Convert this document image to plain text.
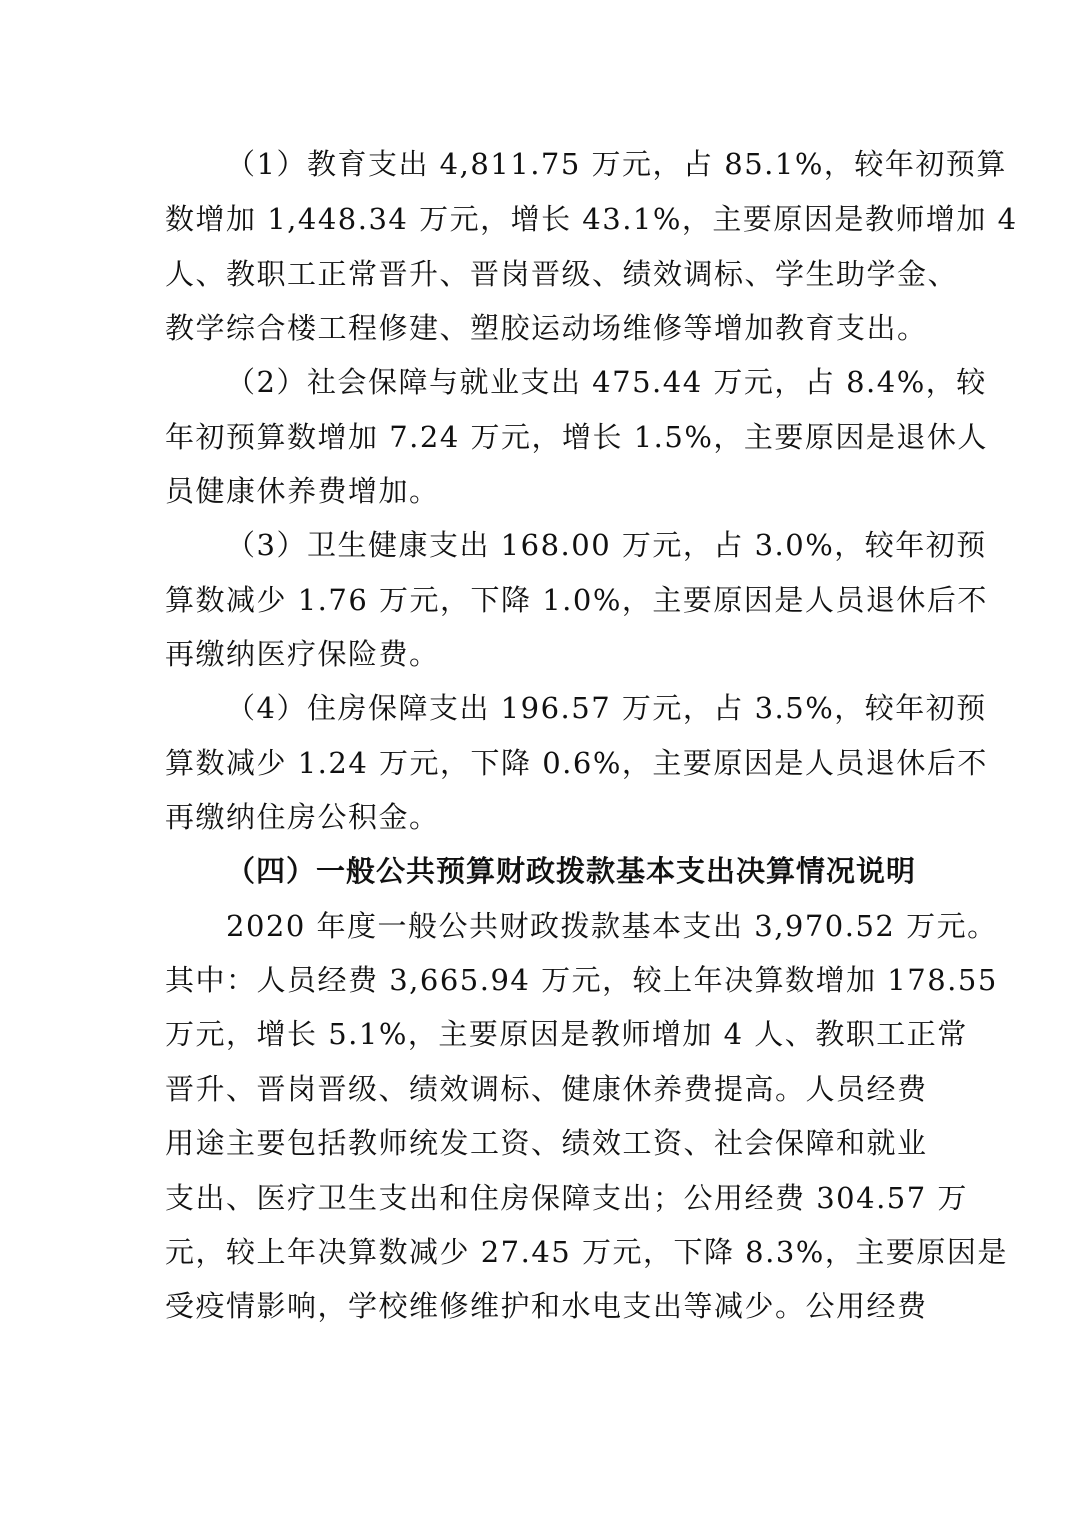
（1）教育支出 4,811.75 万元，占 85.1%，较年初预算
数增加 1,448.34 万元，增长 43.1%，主要原因是教师增加 4
人、教职工正常晋升、晋岗晋级、绩效调标、学生助学金、
教学综合楼工程修建、塑胶运动场维修等增加教育支出。
（2）社会保障与就业支出 475.44 万元，占 8.4%，较
年初预算数增加 7.24 万元，增长 1.5%，主要原因是退休人
员健康休养费增加。
（3）卫生健康支出 168.00 万元，占 3.0%，较年初预
算数减少 1.76 万元，下降 1.0%，主要原因是人员退休后不
再缴纳医疗保险费。
（4）住房保障支出 196.57 万元，占 3.5%，较年初预
算数减少 1.24 万元，下降 0.6%，主要原因是人员退休后不
再缴纳住房公积金。
（四）一般公共预算财政拨款基本支出决算情况说明
2020 年度一般公共财政拨款基本支出 3,970.52 万元。
其中：人员经费 3,665.94 万元，较上年决算数增加 178.55
万元，增长 5.1%，主要原因是教师增加 4 人、教职工正常
晋升、晋岗晋级、绩效调标、健康休养费提高。人员经费
用途主要包括教师统发工资、绩效工资、社会保障和就业
支出、医疗卫生支出和住房保障支出；公用经费 304.57 万
元，较上年决算数减少 27.45 万元，下降 8.3%，主要原因是
受疫情影响，学校维修维护和水电支出等减少。公用经费
